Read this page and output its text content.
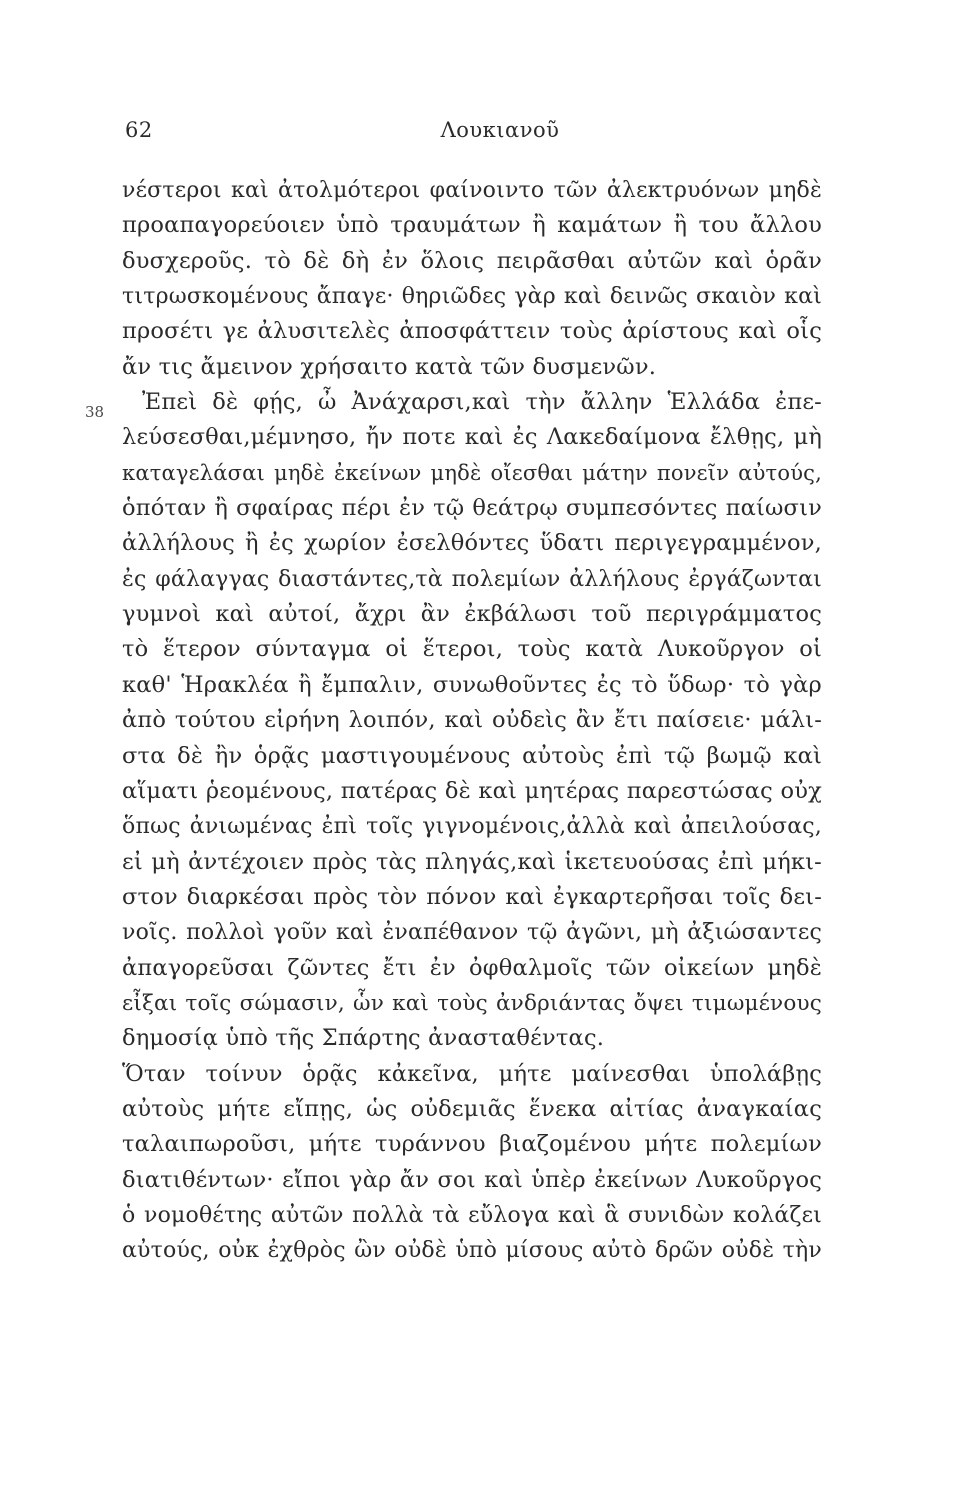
62	Λουκιανοῦ
38
νέστεροι καὶ ἀτολμότεροι φαίνοιντο τῶν ἀλεκτρυόνων μηδὲ
προαπαγορεύοιεν ὑπὸ τραυμάτων ἢ καμάτων ἢ του ἄλλου
δυσχεροῦς. τὸ δὲ δὴ ἐν ὅλοις πειρᾶσθαι αὐτῶν καὶ ὁρᾶν
τιτρωσκομένους ἄπαγε· θηριῶδες γὰρ καὶ δεινῶς σκαιὸν καὶ
προσέτι γε ἀλυσιτελὲς ἀποσφάττειν τοὺς ἀρίστους καὶ οἷς
ἄν τις ἄμεινον χρήσαιτο κατὰ τῶν δυσμενῶν.
Ἐπεὶ δὲ φῄς, ὦ Ἀνάχαρσι,καὶ τὴν ἄλλην Ἑλλάδα ἐπε-
λεύσεσθαι,μέμνησο, ἤν ποτε καὶ ἐς Λακεδαίμονα ἔλθῃς, μὴ
καταγελάσαι μηδὲ ἐκείνων μηδὲ οἴεσθαι μάτην πονεῖν αὐτούς,
ὁπόταν ἢ σφαίρας πέρι ἐν τῷ θεάτρῳ συμπεσόντες παίωσιν
ἀλλήλους ἢ ἐς χωρίον ἐσελθόντες ὕδατι περιγεγραμμένον,
ἐς φάλαγγας διαστάντες,τὰ πολεμίων ἀλλήλους ἐργάζωνται
γυμνοὶ καὶ αὐτοί, ἄχρι ἂν ἐκβάλωσι τοῦ περιγράμματος
τὸ ἕτερον σύνταγμα οἱ ἕτεροι, τοὺς κατὰ Λυκοῦργον οἱ
καθ' Ἡρακλέα ἢ ἔμπαλιν, συνωθοῦντες ἐς τὸ ὕδωρ· τὸ γὰρ
ἀπὸ τούτου εἰρήνη λοιπόν, καὶ οὐδεὶς ἂν ἔτι παίσειε· μάλι-
στα δὲ ἢν ὁρᾷς μαστιγουμένους αὐτοὺς ἐπὶ τῷ βωμῷ καὶ
αἵματι ῥεομένους, πατέρας δὲ καὶ μητέρας παρεστώσας οὐχ
ὅπως ἀνιωμένας ἐπὶ τοῖς γιγνομένοις,ἀλλὰ καὶ ἀπειλούσας,
εἰ μὴ ἀντέχοιεν πρὸς τὰς πληγάς,καὶ ἱκετευούσας ἐπὶ μήκι-
στον διαρκέσαι πρὸς τὸν πόνον καὶ ἐγκαρτερῆσαι τοῖς δει-
νοῖς. πολλοὶ γοῦν καὶ ἐναπέθανον τῷ ἀγῶνι, μὴ ἀξιώσαντες
ἀπαγορεῦσαι ζῶντες ἔτι ἐν ὀφθαλμοῖς τῶν οἰκείων μηδὲ
εἶξαι τοῖς σώμασιν, ὧν καὶ τοὺς ἀνδριάντας ὄψει τιμωμένους
δημοσίᾳ ὑπὸ τῆς Σπάρτης ἀνασταθέντας.
Ὅταν τοίνυν ὁρᾷς κἀκεῖνα, μήτε μαίνεσθαι ὑπολάβῃς
αὐτοὺς μήτε εἴπῃς, ὡς οὐδεμιᾶς ἕνεκα αἰτίας ἀναγκαίας
ταλαιπωροῦσι, μήτε τυράννου βιαζομένου μήτε πολεμίων
διατιθέντων· εἴποι γὰρ ἄν σοι καὶ ὑπὲρ ἐκείνων Λυκοῦργος
ὁ νομοθέτης αὐτῶν πολλὰ τὰ εὔλογα καὶ ἃ συνιδὼν κολάζει
αὐτούς, οὐκ ἐχθρὸς ὢν οὐδὲ ὑπὸ μίσους αὐτὸ δρῶν οὐδὲ τὴν
